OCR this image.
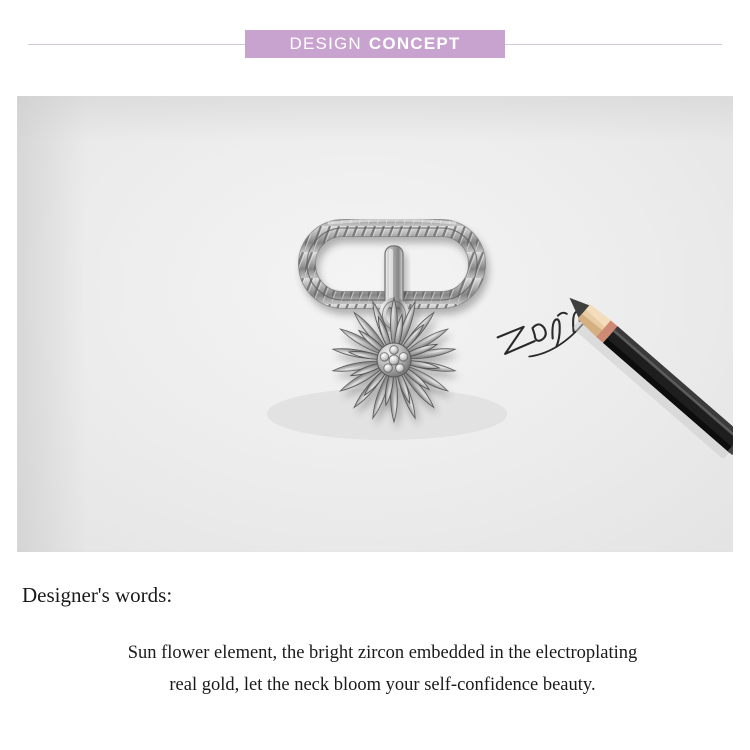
DESIGN CONCEPT
Designer's words:
Sun flower element, the bright zircon embedded in the electroplating
real gold, let the neck bloom your self-confidence beauty.
